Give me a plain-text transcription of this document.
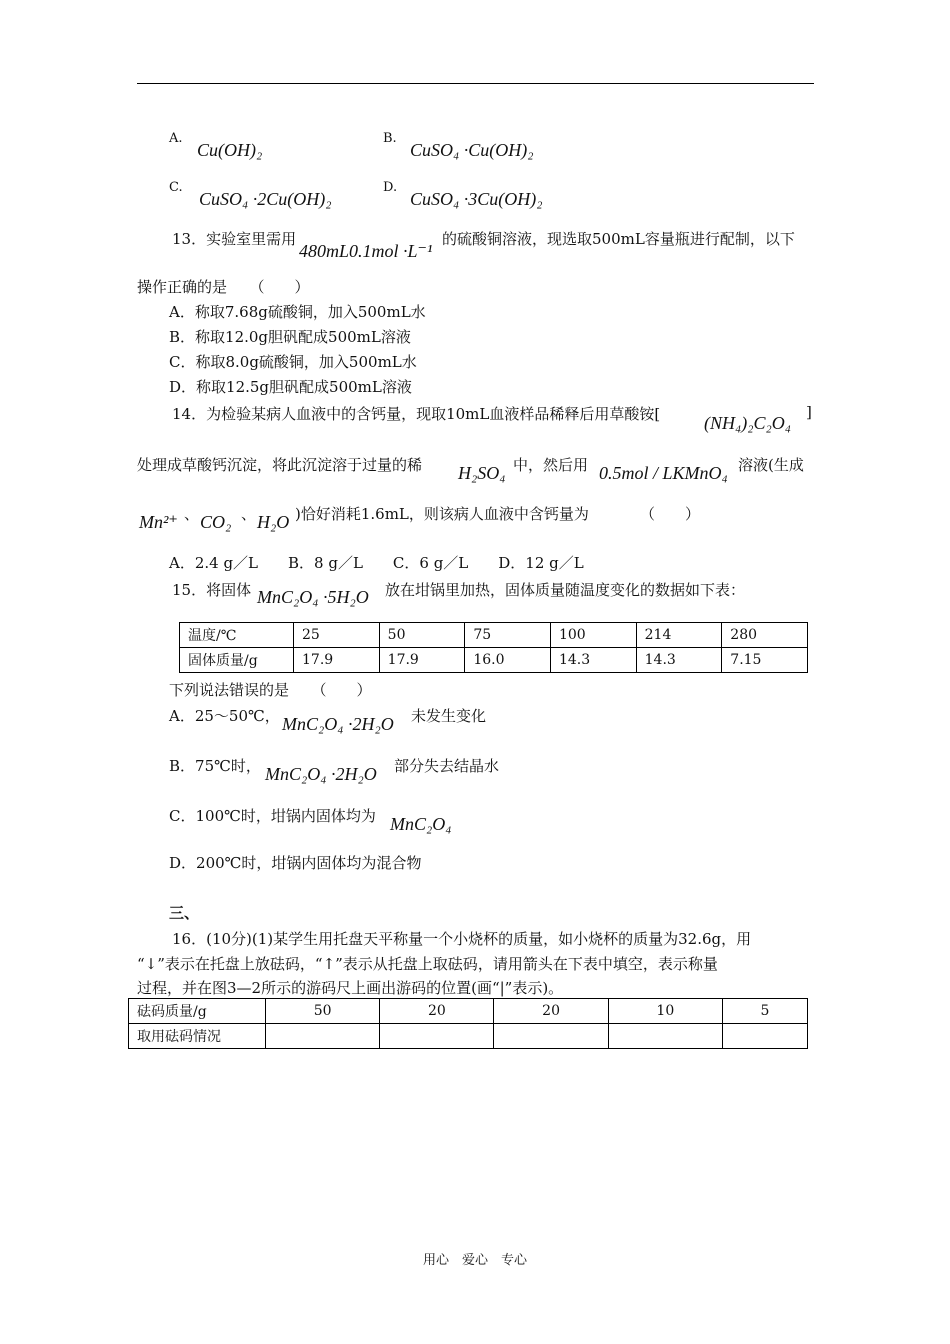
A.
Cu(OH)₂
B.
CuSO₄ ·Cu(OH)₂
C.
CuSO₄ ·2Cu(OH)₂
D.
CuSO₄ ·3Cu(OH)₂
13．实验室里需用
480mL0.1mol ·L⁻¹
的硫酸铜溶液，现选取500mL容量瓶进行配制，以下
操作正确的是　　（　　）
A．称取7.68g硫酸铜，加入500mL水
B．称取12.0g胆矾配成500mL溶液
C．称取8.0g硫酸铜，加入500mL水
D．称取12.5g胆矾配成500mL溶液
14．为检验某病人血液中的含钙量，现取10mL血液样品稀释后用草酸铵[ (NH₄)₂C₂O₄
]
处理成草酸钙沉淀，将此沉淀溶于过量的稀 H₂SO₄ 中，然后用 0.5mol / LKMnO₄ 溶液(生成
Mn²⁺ 、 CO₂ 、 H₂O )恰好消耗1.6mL，则该病人血液中含钙量为	（　　）
A．2.4 g／L　　B．8 g／L　　C．6 g／L　　D．12 g／L
15．将固体 MnC₂O₄ ·5H₂O 放在坩锅里加热，固体质量随温度变化的数据如下表：
温度/℃	25	50	75	100	214	280
固体质量/g	17.9	17.9	16.0	14.3	14.3	7.15
下列说法错误的是　　（　　）
A．25～50℃， MnC₂O₄ ·2H₂O 未发生变化
B．75℃时， MnC₂O₄ ·2H₂O 部分失去结晶水
C．100℃时，坩锅内固体均为 MnC₂O₄
D．200℃时，坩锅内固体均为混合物
三、
16．(10分)(1)某学生用托盘天平称量一个小烧杯的质量，如小烧杯的质量为32.6g，用
“↓”表示在托盘上放砝码，“↑”表示从托盘上取砝码，请用箭头在下表中填空，表示称量
过程，并在图3—2所示的游码尺上画出游码的位置(画“|”表示)。
砝码质量/g	50	20	20	10	5
取用砝码情况					
用心　爱心　专心
